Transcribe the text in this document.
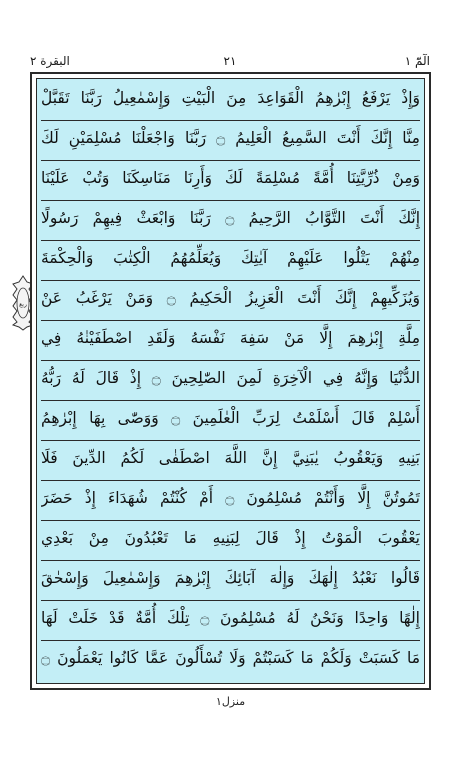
البقرة ٢	٢١	الٓمّٓ ١
ربع
وَإِذْ يَرْفَعُ إِبْرٰهِمُ الْقَوَاعِدَ مِنَ الْبَيْتِ وَإِسْمٰعِيلُ رَبَّنَا تَقَبَّلْ
مِنَّا إِنَّكَ أَنْتَ السَّمِيعُ الْعَلِيمُ ۝ رَبَّنَا وَاجْعَلْنَا مُسْلِمَيْنِ لَكَ
وَمِنْ ذُرِّيَّتِنَا أُمَّةً مُسْلِمَةً لَكَ وَأَرِنَا مَنَاسِكَنَا وَتُبْ عَلَيْنَا
إِنَّكَ أَنْتَ التَّوَّابُ الرَّحِيمُ ۝ رَبَّنَا وَابْعَثْ فِيهِمْ رَسُولًا
مِنْهُمْ يَتْلُوا عَلَيْهِمْ آيٰتِكَ وَيُعَلِّمُهُمُ الْكِتٰبَ وَالْحِكْمَةَ
وَيُزَكِّيهِمْ إِنَّكَ أَنْتَ الْعَزِيزُ الْحَكِيمُ ۝ وَمَنْ يَرْغَبُ عَنْ
مِلَّةِ إِبْرٰهِمَ إِلَّا مَنْ سَفِهَ نَفْسَهُ وَلَقَدِ اصْطَفَيْنٰهُ فِي
الدُّنْيَا وَإِنَّهُ فِي الْآخِرَةِ لَمِنَ الصّٰلِحِينَ ۝ إِذْ قَالَ لَهُ رَبُّهُ
أَسْلِمْ قَالَ أَسْلَمْتُ لِرَبِّ الْعٰلَمِينَ ۝ وَوَصّٰى بِهَا إِبْرٰهِمُ
بَنِيهِ وَيَعْقُوبُ يٰبَنِيَّ إِنَّ اللَّهَ اصْطَفٰى لَكُمُ الدِّينَ فَلَا
تَمُوتُنَّ إِلَّا وَأَنْتُمْ مُسْلِمُونَ ۝ أَمْ كُنْتُمْ شُهَدَاءَ إِذْ حَضَرَ
يَعْقُوبَ الْمَوْتُ إِذْ قَالَ لِبَنِيهِ مَا تَعْبُدُونَ مِنْ بَعْدِي
قَالُوا نَعْبُدُ إِلٰهَكَ وَإِلٰهَ آبَائِكَ إِبْرٰهِمَ وَإِسْمٰعِيلَ وَإِسْحٰقَ
إِلٰهًا وَاحِدًا وَنَحْنُ لَهُ مُسْلِمُونَ ۝ تِلْكَ أُمَّةٌ قَدْ خَلَتْ لَهَا
مَا كَسَبَتْ وَلَكُمْ مَا كَسَبْتُمْ وَلَا تُسْأَلُونَ عَمَّا كَانُوا يَعْمَلُونَ ۝
منزل١
